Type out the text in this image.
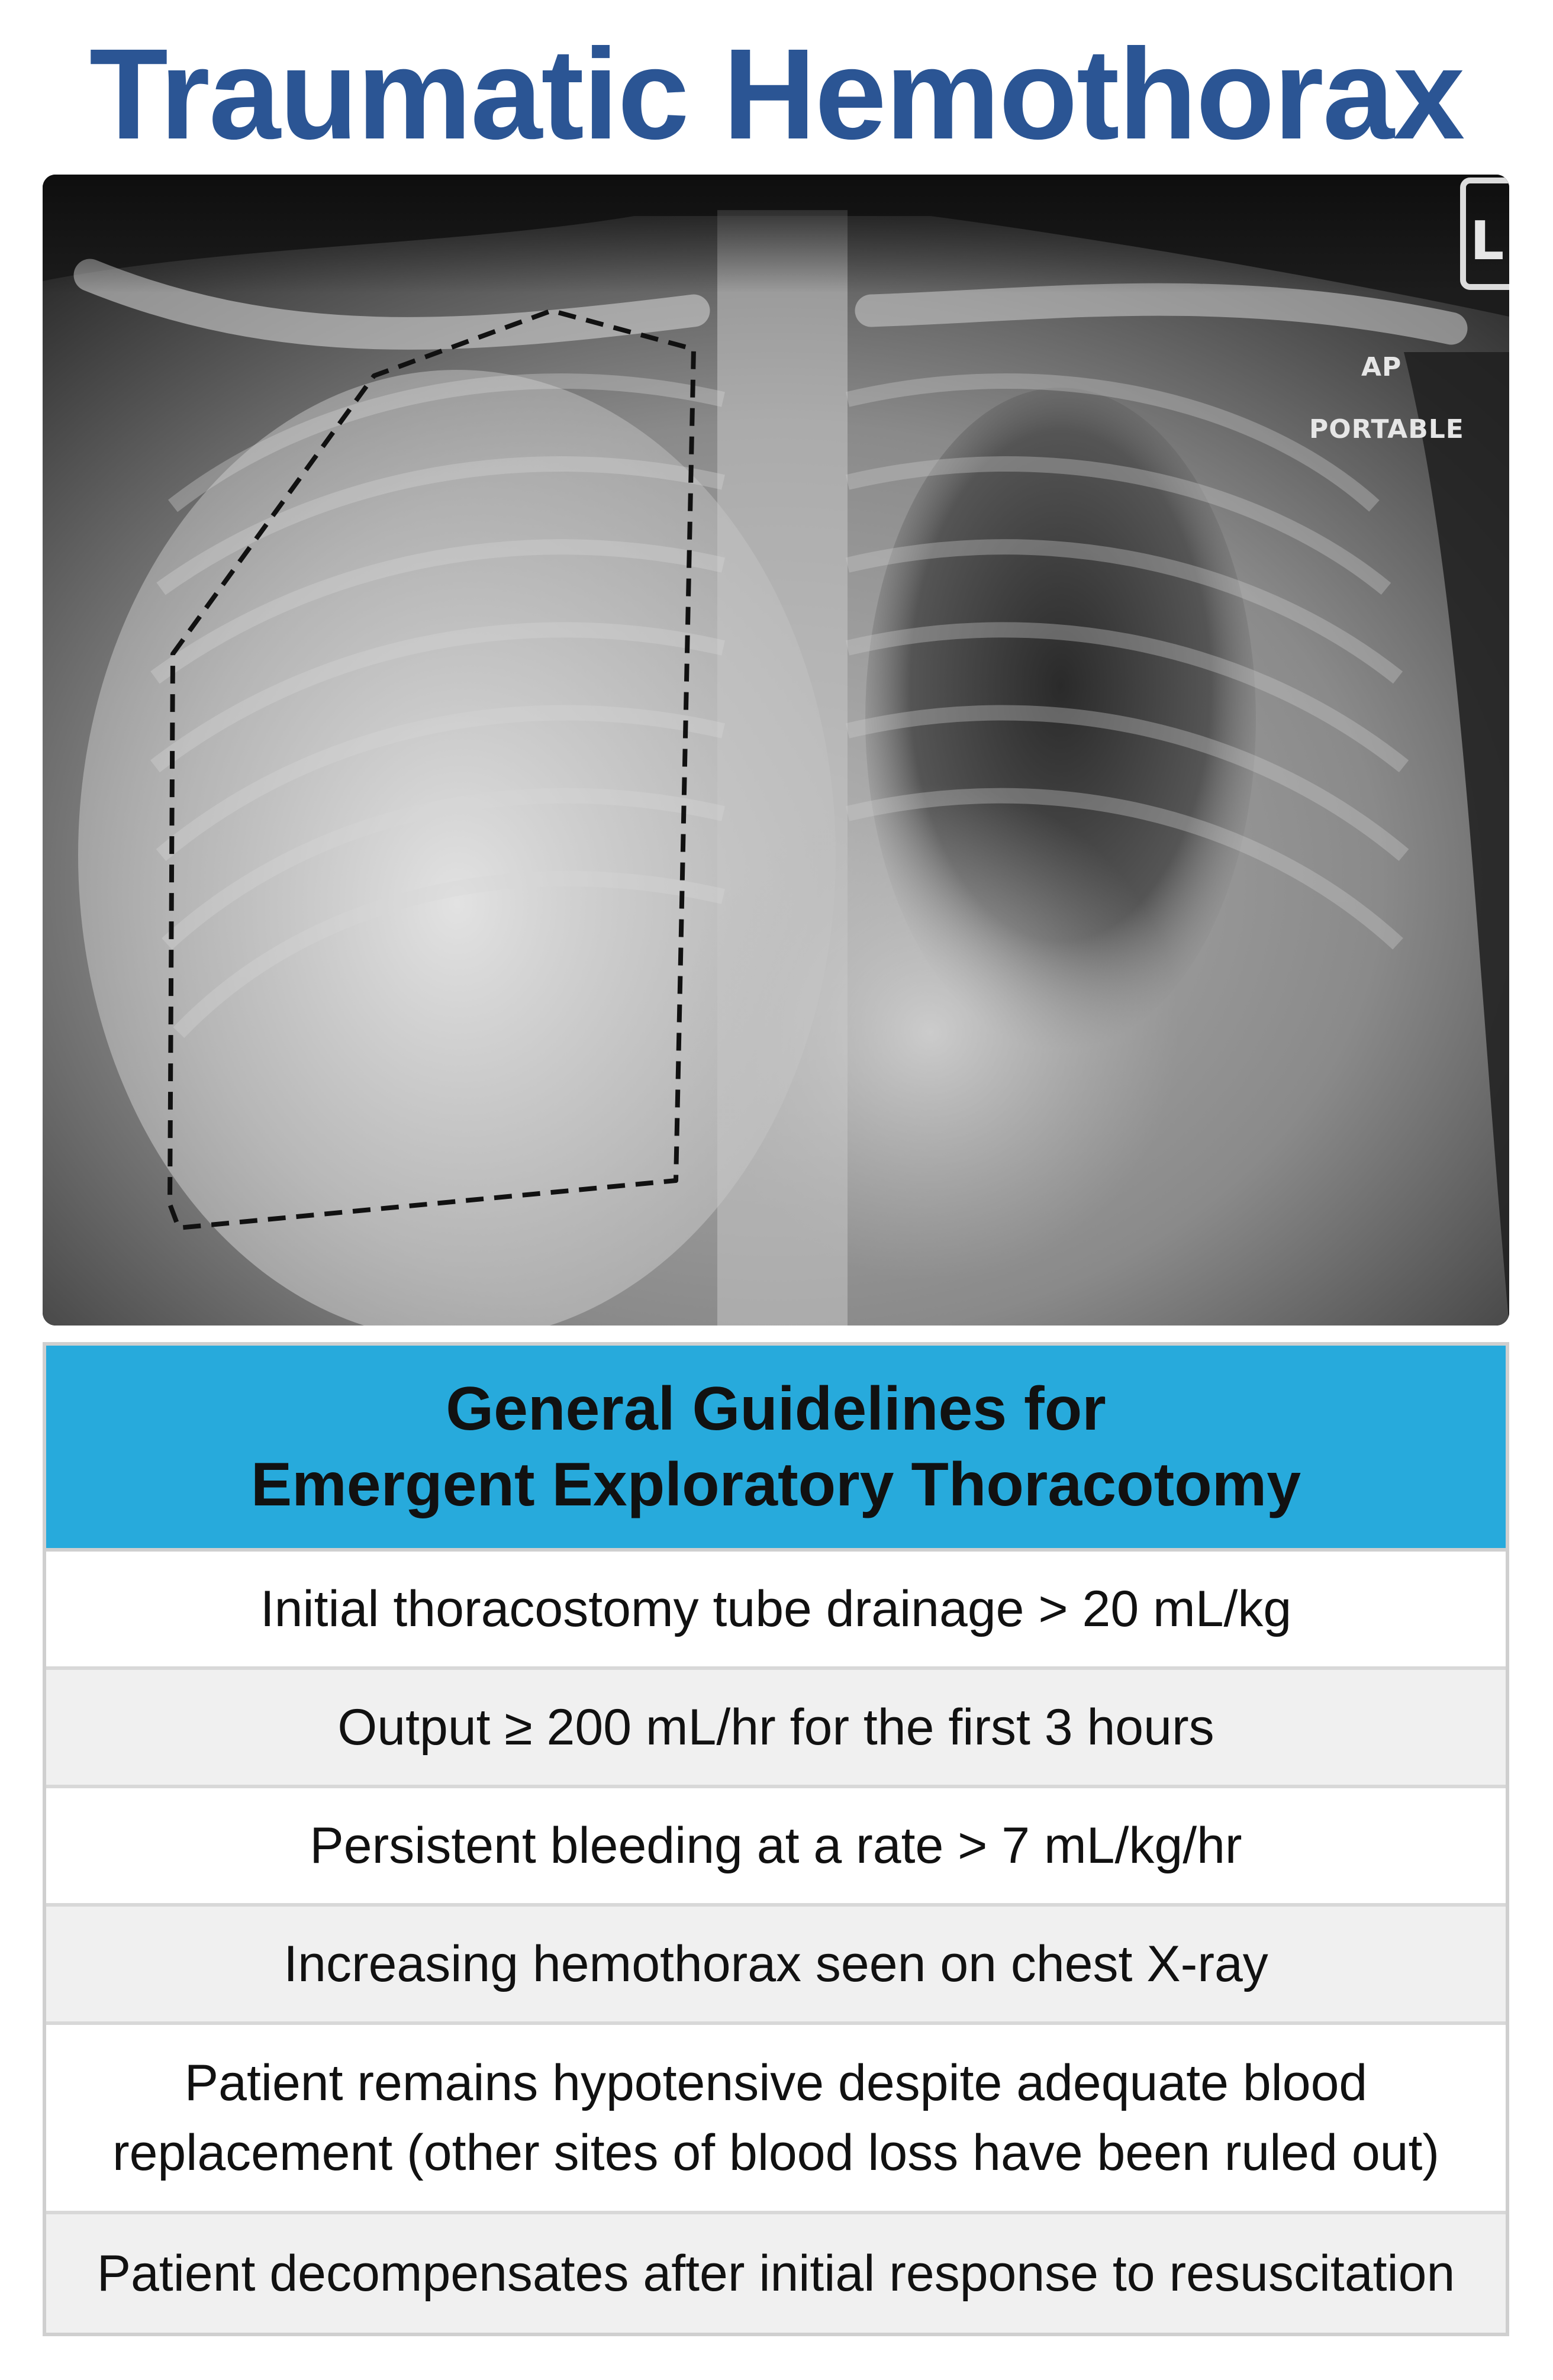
Traumatic Hemothorax
L
AP
PORTABLE
General Guidelines for
Emergent Exploratory Thoracotomy
Initial thoracostomy tube drainage > 20 mL/kg
Output ≥ 200 mL/hr for the first 3 hours
Persistent bleeding at a rate > 7 mL/kg/hr
Increasing hemothorax seen on chest X-ray
Patient remains hypotensive despite adequate blood replacement (other sites of blood loss have been ruled out)
Patient decompensates after initial response to resuscitation
